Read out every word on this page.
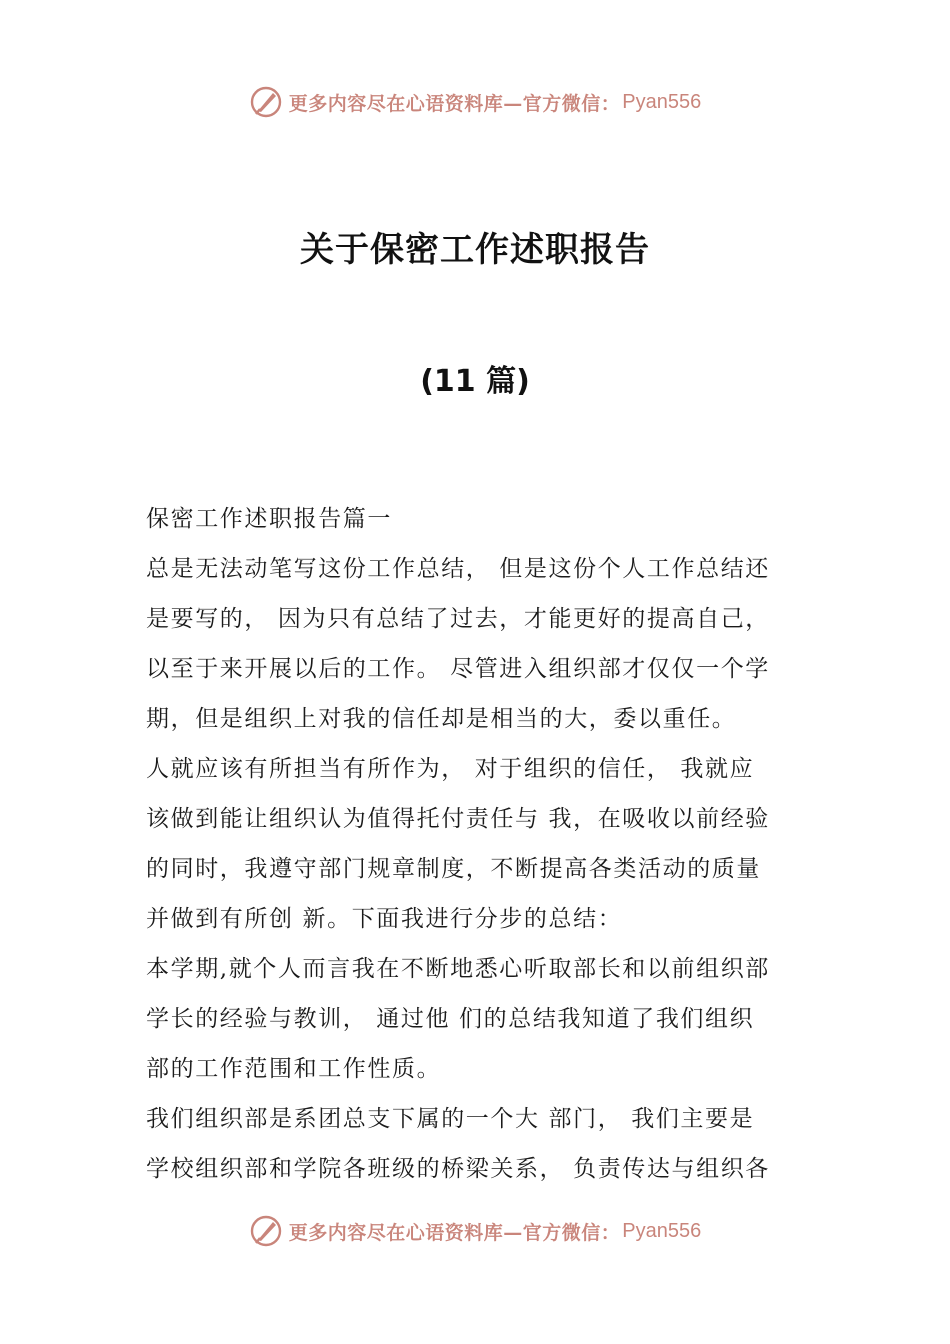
更多内容尽在心语资料库—官方微信： Pyan556
关于保密工作述职报告
(11 篇)

保密工作述职报告篇一

总是无法动笔写这份工作总结， 但是这份个人工作总结还

是要写的， 因为只有总结了过去，才能更好的提高自己，

以至于来开展以后的工作。 尽管进入组织部才仅仅一个学

期，但是组织上对我的信任却是相当的大，委以重任。

人就应该有所担当有所作为， 对于组织的信任， 我就应

该做到能让组织认为值得托付责任与 我，在吸收以前经验

的同时，我遵守部门规章制度，不断提高各类活动的质量

并做到有所创 新。下面我进行分步的总结：

本学期,就个人而言我在不断地悉心听取部长和以前组织部

学长的经验与教训， 通过他 们的总结我知道了我们组织

部的工作范围和工作性质。

我们组织部是系团总支下属的一个大 部门， 我们主要是

学校组织部和学院各班级的桥梁关系， 负责传达与组织各

更多内容尽在心语资料库—官方微信： Pyan556
